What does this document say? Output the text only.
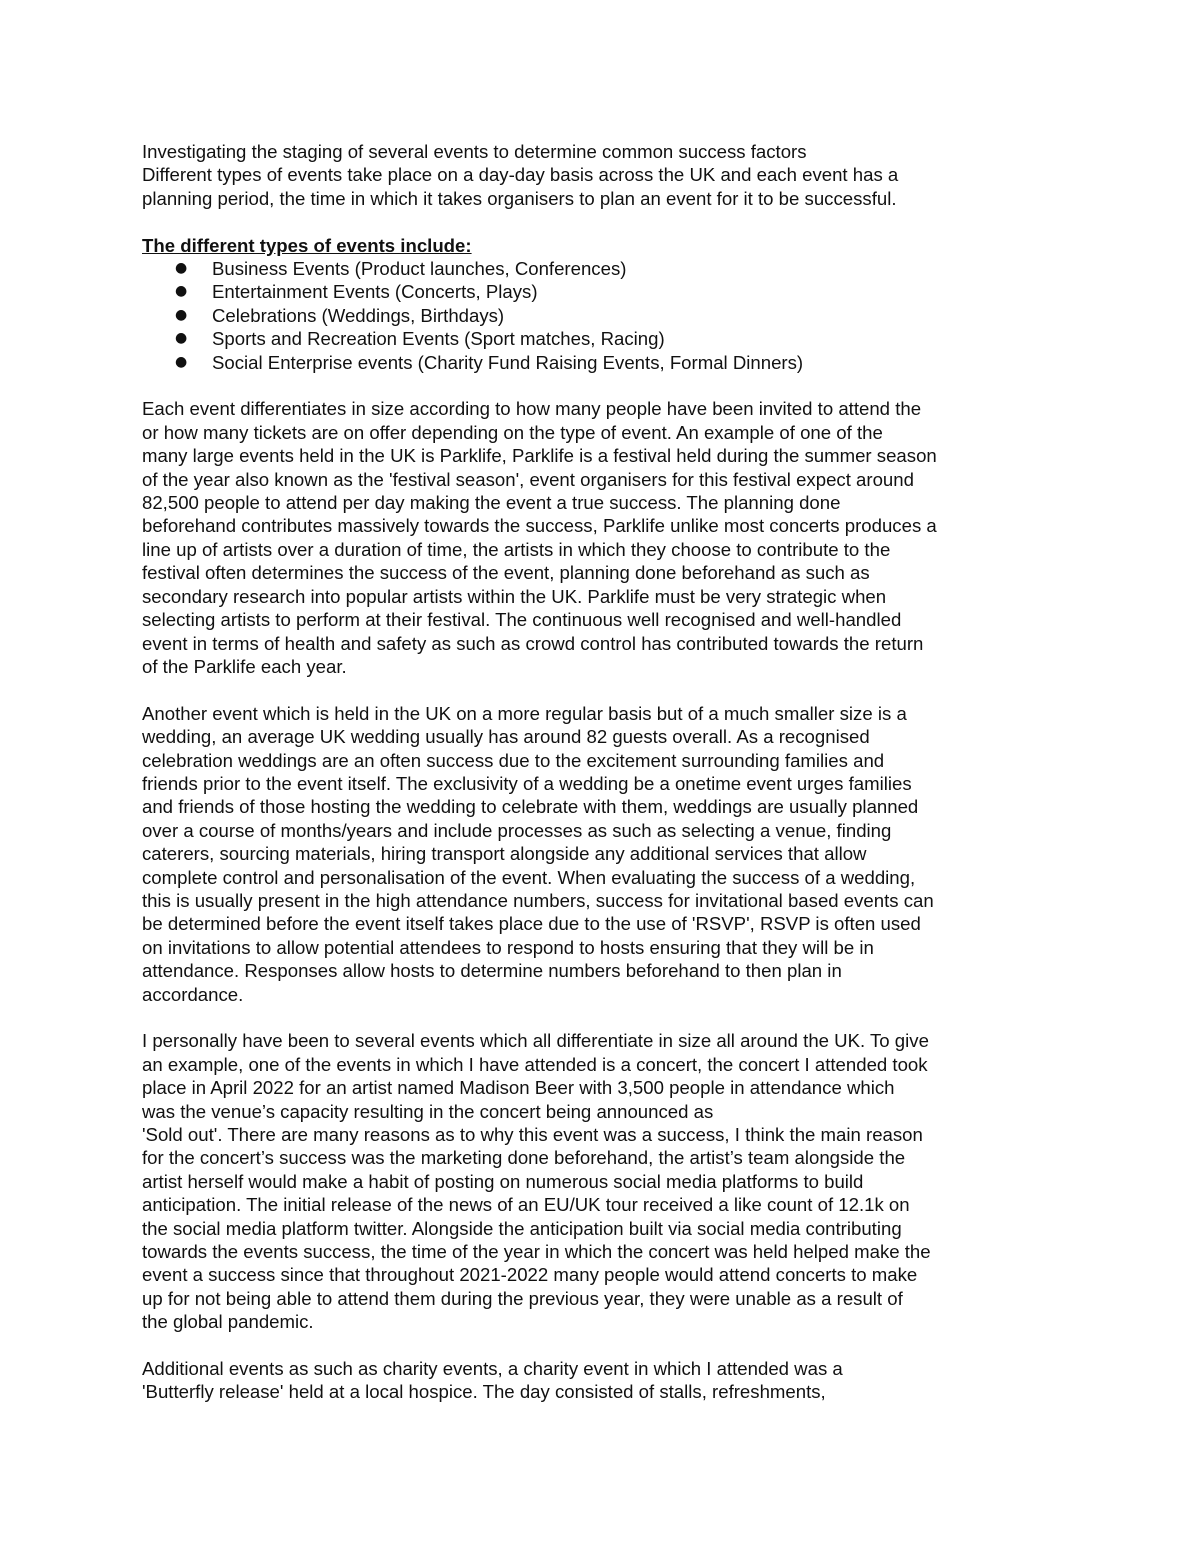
Investigating the staging of several events to determine common success factors
Different types of events take place on a day-day basis across the UK and each event has a
planning period, the time in which it takes organisers to plan an event for it to be successful.
The different types of events include:
● Business Events (Product launches, Conferences)
● Entertainment Events (Concerts, Plays)
● Celebrations (Weddings, Birthdays)
● Sports and Recreation Events (Sport matches, Racing)
● Social Enterprise events (Charity Fund Raising Events, Formal Dinners)
Each event differentiates in size according to how many people have been invited to attend the
or how many tickets are on offer depending on the type of event. An example of one of the
many large events held in the UK is Parklife, Parklife is a festival held during the summer season
of the year also known as the 'festival season', event organisers for this festival expect around
82,500 people to attend per day making the event a true success. The planning done
beforehand contributes massively towards the success, Parklife unlike most concerts produces a
line up of artists over a duration of time, the artists in which they choose to contribute to the
festival often determines the success of the event, planning done beforehand as such as
secondary research into popular artists within the UK. Parklife must be very strategic when
selecting artists to perform at their festival. The continuous well recognised and well-handled
event in terms of health and safety as such as crowd control has contributed towards the return
of the Parklife each year.
Another event which is held in the UK on a more regular basis but of a much smaller size is a
wedding, an average UK wedding usually has around 82 guests overall. As a recognised
celebration weddings are an often success due to the excitement surrounding families and
friends prior to the event itself. The exclusivity of a wedding be a onetime event urges families
and friends of those hosting the wedding to celebrate with them, weddings are usually planned
over a course of months/years and include processes as such as selecting a venue, finding
caterers, sourcing materials, hiring transport alongside any additional services that allow
complete control and personalisation of the event. When evaluating the success of a wedding,
this is usually present in the high attendance numbers, success for invitational based events can
be determined before the event itself takes place due to the use of 'RSVP', RSVP is often used
on invitations to allow potential attendees to respond to hosts ensuring that they will be in
attendance. Responses allow hosts to determine numbers beforehand to then plan in
accordance.
I personally have been to several events which all differentiate in size all around the UK. To give
an example, one of the events in which I have attended is a concert, the concert I attended took
place in April 2022 for an artist named Madison Beer with 3,500 people in attendance which
was the venue’s capacity resulting in the concert being announced as
'Sold out'. There are many reasons as to why this event was a success, I think the main reason
for the concert’s success was the marketing done beforehand, the artist’s team alongside the
artist herself would make a habit of posting on numerous social media platforms to build
anticipation. The initial release of the news of an EU/UK tour received a like count of 12.1k on
the social media platform twitter. Alongside the anticipation built via social media contributing
towards the events success, the time of the year in which the concert was held helped make the
event a success since that throughout 2021-2022 many people would attend concerts to make
up for not being able to attend them during the previous year, they were unable as a result of
the global pandemic.
Additional events as such as charity events, a charity event in which I attended was a
'Butterfly release' held at a local hospice. The day consisted of stalls, refreshments,
